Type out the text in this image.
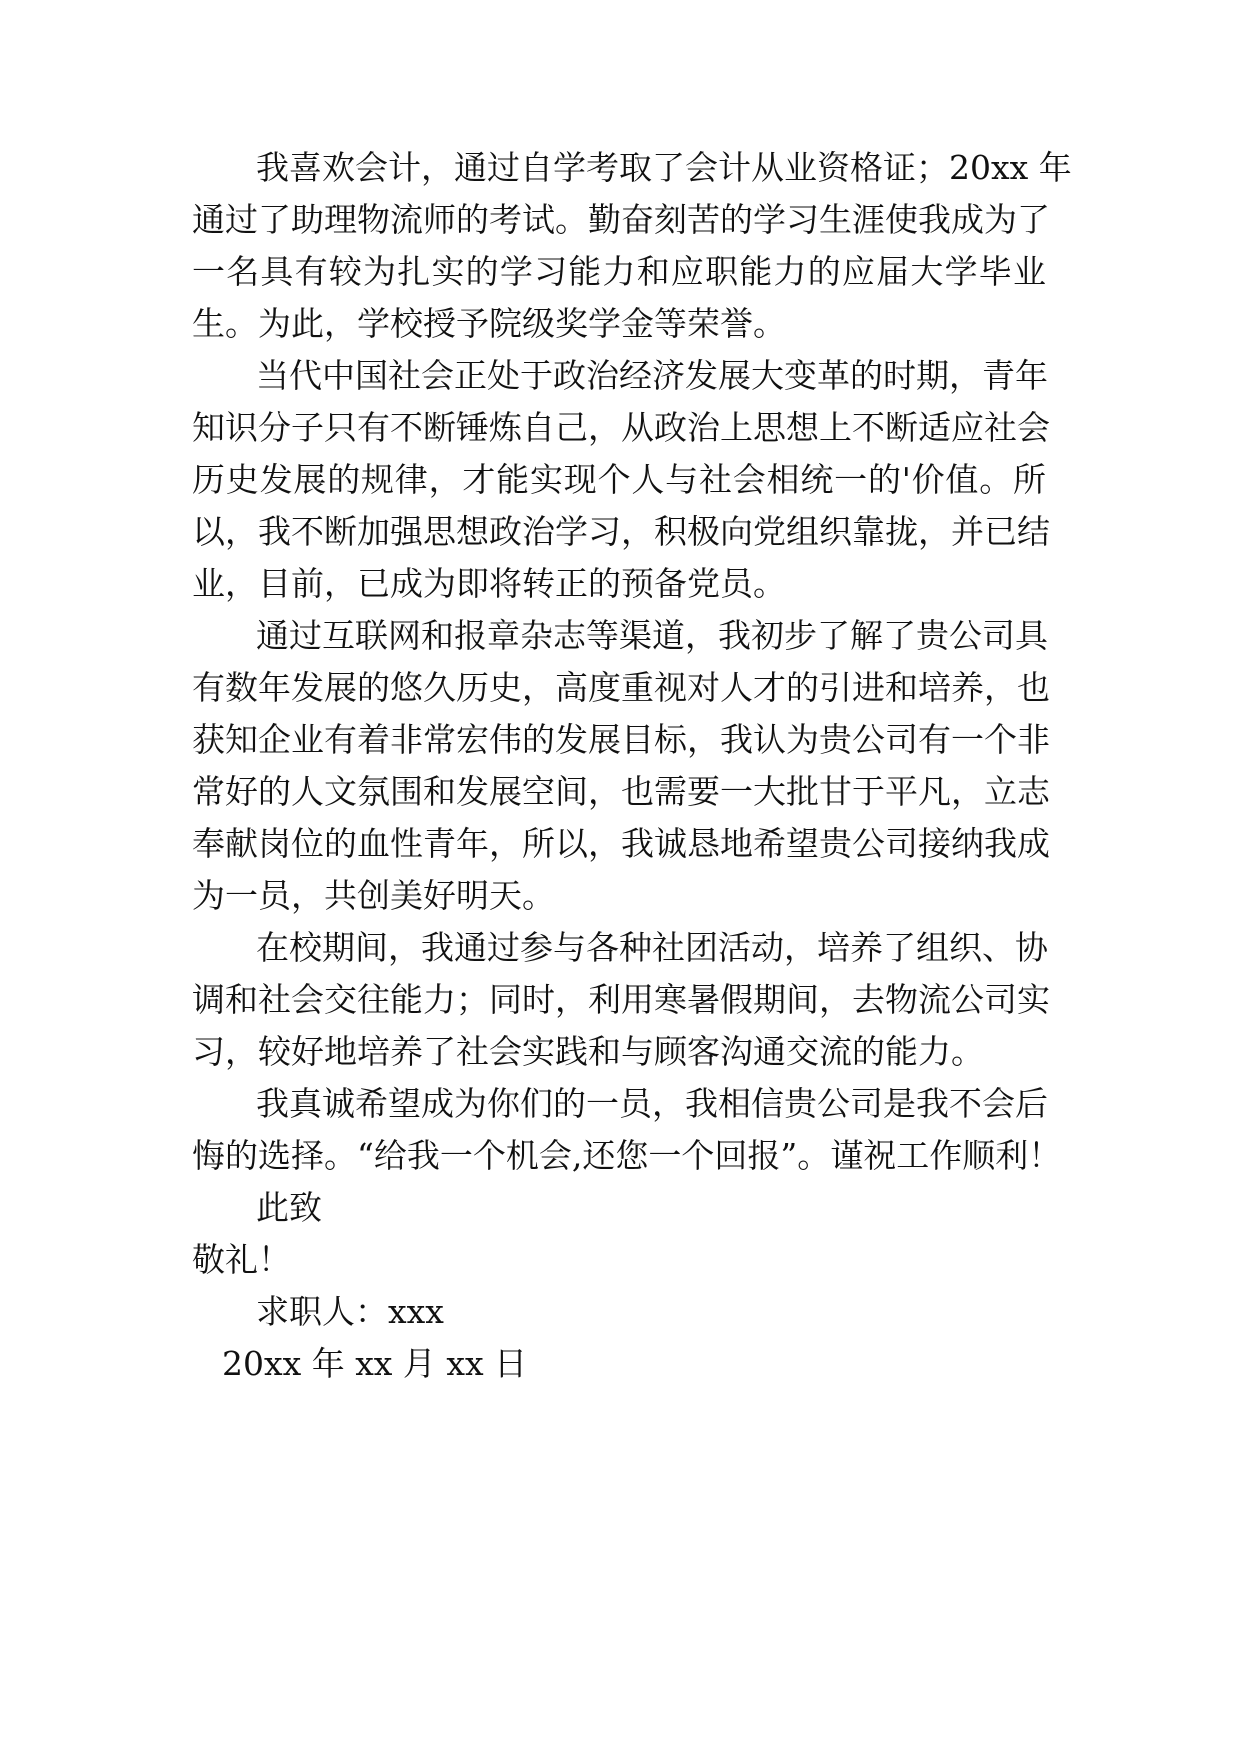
我喜欢会计，通过自学考取了会计从业资格证；20xx 年

通过了助理物流师的考试。勤奋刻苦的学习生涯使我成为了

一名具有较为扎实的学习能力和应职能力的应届大学毕业

生。为此，学校授予院级奖学金等荣誉。

当代中国社会正处于政治经济发展大变革的时期，青年

知识分子只有不断锤炼自己，从政治上思想上不断适应社会

历史发展的规律，才能实现个人与社会相统一的'价值。所

以，我不断加强思想政治学习，积极向党组织靠拢，并已结

业，目前，已成为即将转正的预备党员。

通过互联网和报章杂志等渠道，我初步了解了贵公司具

有数年发展的悠久历史，高度重视对人才的引进和培养，也

获知企业有着非常宏伟的发展目标，我认为贵公司有一个非

常好的人文氛围和发展空间，也需要一大批甘于平凡，立志

奉献岗位的血性青年，所以，我诚恳地希望贵公司接纳我成

为一员，共创美好明天。

在校期间，我通过参与各种社团活动，培养了组织、协

调和社会交往能力；同时，利用寒暑假期间，去物流公司实

习，较好地培养了社会实践和与顾客沟通交流的能力。

我真诚希望成为你们的一员，我相信贵公司是我不会后

悔的选择。“给我一个机会,还您一个回报”。谨祝工作顺利！

此致

敬礼！

求职人：xxx

20xx 年 xx 月 xx 日
